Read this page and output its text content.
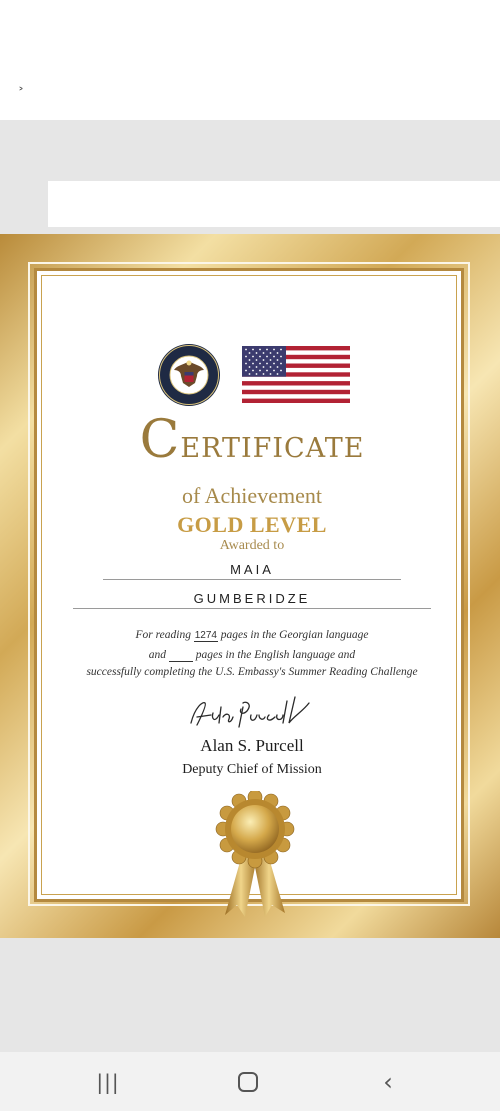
˃
Certificate
of Achievement
GOLD LEVEL
Awarded to
MAIA
GUMBERIDZE
For reading 1274 pages in the Georgian language
and	pages in the English language and
successfully completing the U.S. Embassy's Summer Reading Challenge
Alan S. Purcell
Deputy Chief of Mission
|||	‹
